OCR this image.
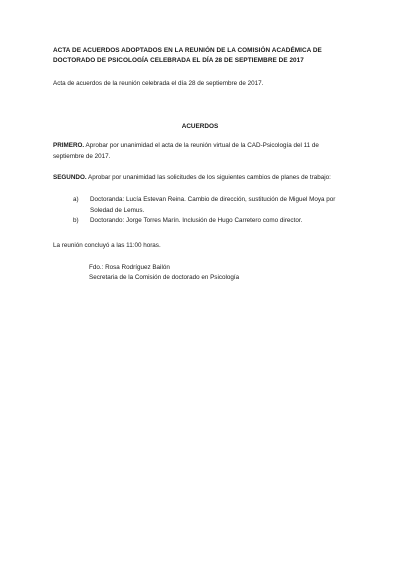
ACTA DE ACUERDOS ADOPTADOS EN LA REUNIÓN DE LA COMISIÓN ACADÉMICA DE DOCTORADO DE PSICOLOGÍA CELEBRADA EL DÍA 28 DE SEPTIEMBRE DE 2017
Acta de acuerdos de la reunión celebrada el día 28 de septiembre de 2017.
ACUERDOS
PRIMERO. Aprobar por unanimidad el acta de la reunión virtual de la CAD-Psicología del 11 de septiembre de 2017.
SEGUNDO. Aprobar por unanimidad las solicitudes de los siguientes cambios de planes de trabajo:
a)	Doctoranda: Lucía Estevan Reina. Cambio de dirección, sustitución de Miguel Moya por Soledad de Lemus.
b)	Doctorando: Jorge Torres Marín. Inclusión de Hugo Carretero como director.
La reunión concluyó a las 11:00 horas.
Fdo.: Rosa Rodríguez Bailón
Secretaria de la Comisión de doctorado en Psicología
